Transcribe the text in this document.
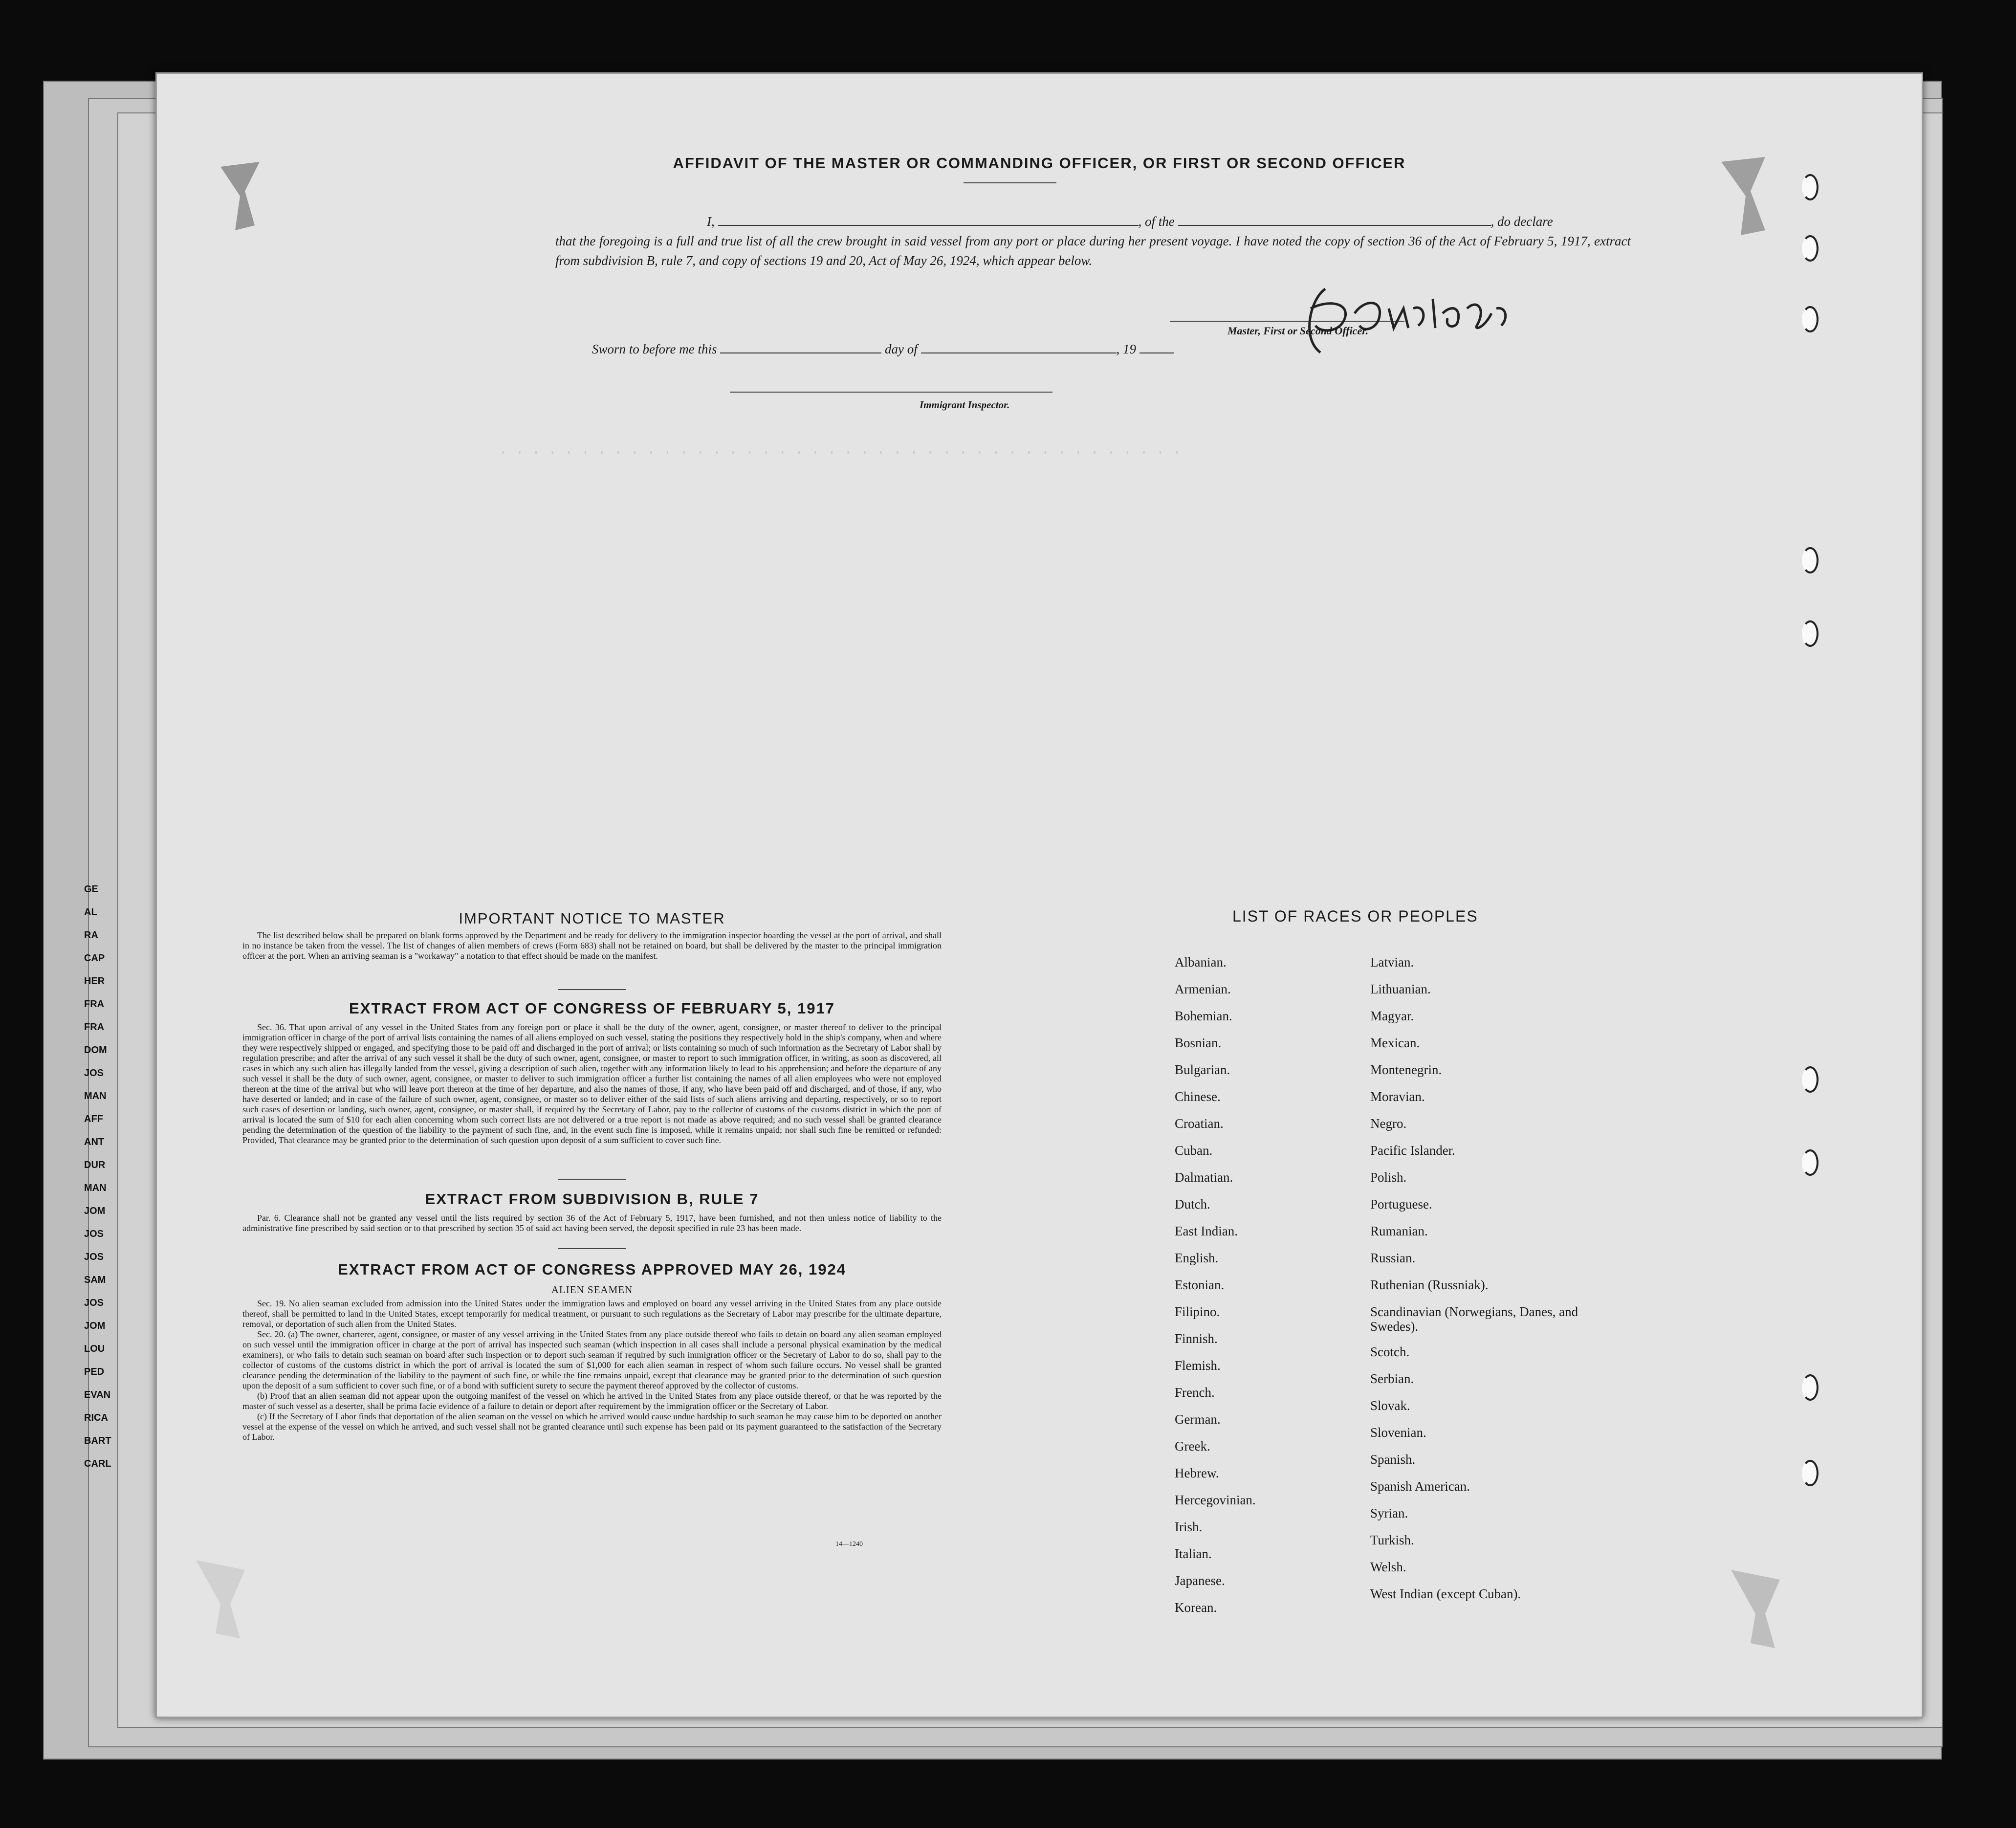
GE
AL
RA
CAP
HER
FRA
FRA
DOM
JOS
MAN
AFF
ANT
DUR
MAN
JOM
JOS
JOS
SAM
JOS
JOM
LOU
PED
EVAN
RICA
BART
CARL
· · · · · · · · · · · · · · · · · · · · · · · · · · · · · · · · · · · · · · · · · ·
AFFIDAVIT OF THE MASTER OR COMMANDING OFFICER, OR FIRST OR SECOND OFFICER
I,	, of the	, do declare
that the foregoing is a full and true list of all the crew brought in said vessel from any port or place during her present voyage. I have noted the copy of section 36 of the Act of February 5, 1917, extract from subdivision B, rule 7, and copy of sections 19 and 20, Act of May 26, 1924, which appear below.
Master, First or Second Officer.
Sworn to before me this	day of	, 19
Immigrant Inspector.
IMPORTANT NOTICE TO MASTER

The list described below shall be prepared on blank forms approved by the Department and be ready for delivery to the immigration inspector boarding the vessel at the port of arrival, and shall in no instance be taken from the vessel. The list of changes of alien members of crews (Form 683) shall not be retained on board, but shall be delivered by the master to the principal immigration officer at the port. When an arriving seaman is a "workaway" a notation to that effect should be made on the manifest.

EXTRACT FROM ACT OF CONGRESS OF FEBRUARY 5, 1917

Sec. 36. That upon arrival of any vessel in the United States from any foreign port or place it shall be the duty of the owner, agent, consignee, or master thereof to deliver to the principal immigration officer in charge of the port of arrival lists containing the names of all aliens employed on such vessel, stating the positions they respectively hold in the ship's company, when and where they were respectively shipped or engaged, and specifying those to be paid off and discharged in the port of arrival; or lists containing so much of such information as the Secretary of Labor shall by regulation prescribe; and after the arrival of any such vessel it shall be the duty of such owner, agent, consignee, or master to report to such immigration officer, in writing, as soon as discovered, all cases in which any such alien has illegally landed from the vessel, giving a description of such alien, together with any information likely to lead to his apprehension; and before the departure of any such vessel it shall be the duty of such owner, agent, consignee, or master to deliver to such immigration officer a further list containing the names of all alien employees who were not employed thereon at the time of the arrival but who will leave port thereon at the time of her departure, and also the names of those, if any, who have been paid off and discharged, and of those, if any, who have deserted or landed; and in case of the failure of such owner, agent, consignee, or master so to deliver either of the said lists of such aliens arriving and departing, respectively, or so to report such cases of desertion or landing, such owner, agent, consignee, or master shall, if required by the Secretary of Labor, pay to the collector of customs of the customs district in which the port of arrival is located the sum of $10 for each alien concerning whom such correct lists are not delivered or a true report is not made as above required; and no such vessel shall be granted clearance pending the determination of the question of the liability to the payment of such fine, and, in the event such fine is imposed, while it remains unpaid; nor shall such fine be remitted or refunded: Provided, That clearance may be granted prior to the determination of such question upon deposit of a sum sufficient to cover such fine.

EXTRACT FROM SUBDIVISION B, RULE 7

Par. 6. Clearance shall not be granted any vessel until the lists required by section 36 of the Act of February 5, 1917, have been furnished, and not then unless notice of liability to the administrative fine prescribed by said section or to that prescribed by section 35 of said act having been served, the deposit specified in rule 23 has been made.

EXTRACT FROM ACT OF CONGRESS APPROVED MAY 26, 1924
ALIEN SEAMEN

Sec. 19. No alien seaman excluded from admission into the United States under the immigration laws and employed on board any vessel arriving in the United States from any place outside thereof, shall be permitted to land in the United States, except temporarily for medical treatment, or pursuant to such regulations as the Secretary of Labor may prescribe for the ultimate departure, removal, or deportation of such alien from the United States.

Sec. 20. (a) The owner, charterer, agent, consignee, or master of any vessel arriving in the United States from any place outside thereof who fails to detain on board any alien seaman employed on such vessel until the immigration officer in charge at the port of arrival has inspected such seaman (which inspection in all cases shall include a personal physical examination by the medical examiners), or who fails to detain such seaman on board after such inspection or to deport such seaman if required by such immigration officer or the Secretary of Labor to do so, shall pay to the collector of customs of the customs district in which the port of arrival is located the sum of $1,000 for each alien seaman in respect of whom such failure occurs. No vessel shall be granted clearance pending the determination of the liability to the payment of such fine, or while the fine remains unpaid, except that clearance may be granted prior to the determination of such question upon the deposit of a sum sufficient to cover such fine, or of a bond with sufficient surety to secure the payment thereof approved by the collector of customs.

(b) Proof that an alien seaman did not appear upon the outgoing manifest of the vessel on which he arrived in the United States from any place outside thereof, or that he was reported by the master of such vessel as a deserter, shall be prima facie evidence of a failure to detain or deport after requirement by the immigration officer or the Secretary of Labor.

(c) If the Secretary of Labor finds that deportation of the alien seaman on the vessel on which he arrived would cause undue hardship to such seaman he may cause him to be deported on another vessel at the expense of the vessel on which he arrived, and such vessel shall not be granted clearance until such expense has been paid or its payment guaranteed to the satisfaction of the Secretary of Labor.

14—1240
LIST OF RACES OR PEOPLES
Albanian.
Armenian.
Bohemian.
Bosnian.
Bulgarian.
Chinese.
Croatian.
Cuban.
Dalmatian.
Dutch.
East Indian.
English.
Estonian.
Filipino.
Finnish.
Flemish.
French.
German.
Greek.
Hebrew.
Hercegovinian.
Irish.
Italian.
Japanese.
Korean.
Latvian.
Lithuanian.
Magyar.
Mexican.
Montenegrin.
Moravian.
Negro.
Pacific Islander.
Polish.
Portuguese.
Rumanian.
Russian.
Ruthenian (Russniak).
Scandinavian (Norwegians, Danes, and Swedes).
Scotch.
Serbian.
Slovak.
Slovenian.
Spanish.
Spanish American.
Syrian.
Turkish.
Welsh.
West Indian (except Cuban).
